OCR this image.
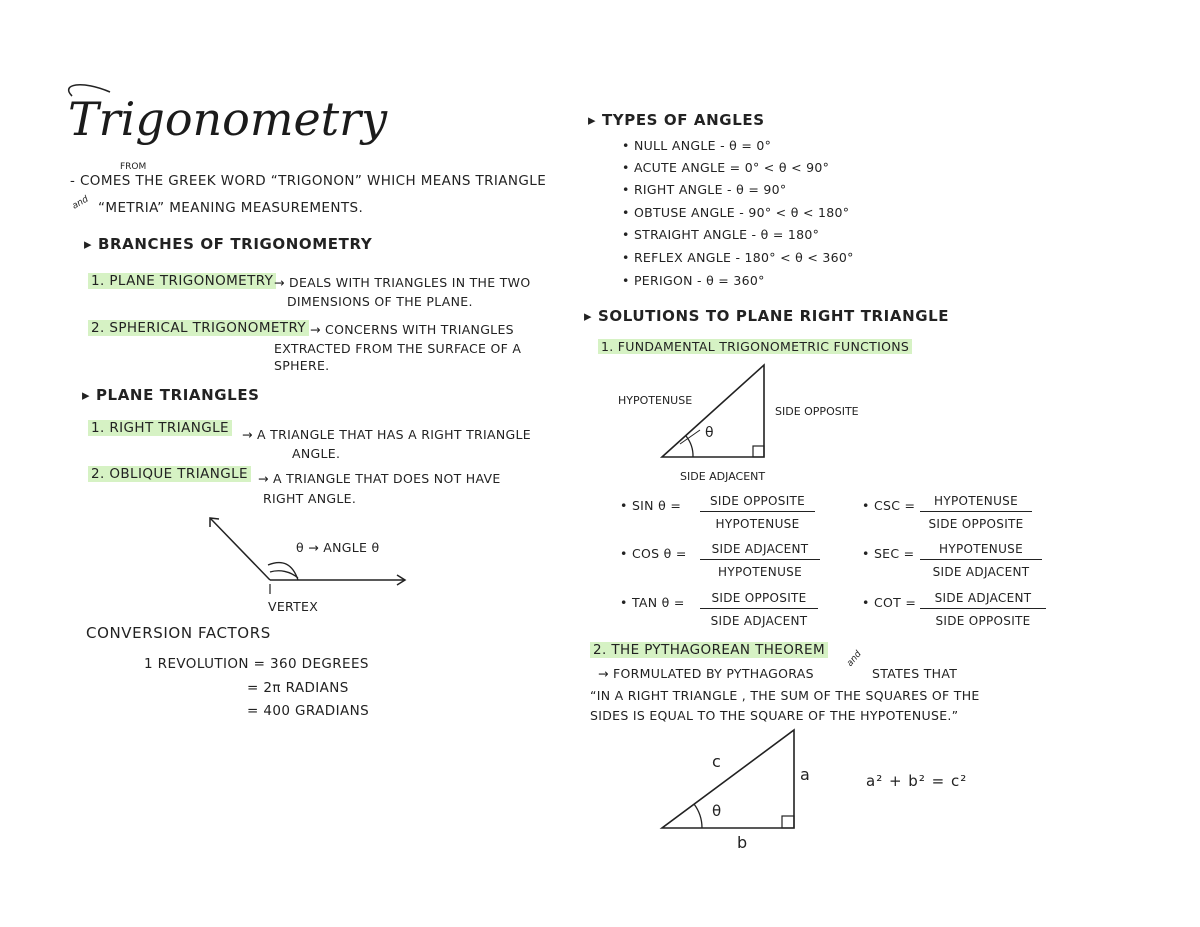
Trigonometry
FROM
- COMES THE GREEK WORD “TRIGONON” WHICH MEANS TRIANGLE
and “METRIA” MEANING MEASUREMENTS.
▸ BRANCHES OF TRIGONOMETRY
1. PLANE TRIGONOMETRY → DEALS WITH TRIANGLES IN THE TWO
DIMENSIONS OF THE PLANE.
2. SPHERICAL TRIGONOMETRY → CONCERNS WITH TRIANGLES
EXTRACTED FROM THE SURFACE OF A
SPHERE.
▸ PLANE TRIANGLES
1. RIGHT TRIANGLE → A TRIANGLE THAT HAS A RIGHT TRIANGLE
ANGLE.
2. OBLIQUE TRIANGLE → A TRIANGLE THAT DOES NOT HAVE
RIGHT ANGLE.
θ → ANGLE θ
VERTEX
CONVERSION FACTORS
1 REVOLUTION = 360 DEGREES
= 2π RADIANS
= 400 GRADIANS
▸ TYPES OF ANGLES
• NULL ANGLE - θ = 0°
• ACUTE ANGLE = 0° < θ < 90°
• RIGHT ANGLE - θ = 90°
• OBTUSE ANGLE - 90° < θ < 180°
• STRAIGHT ANGLE - θ = 180°
• REFLEX ANGLE - 180° < θ < 360°
• PERIGON - θ = 360°
▸ SOLUTIONS TO PLANE RIGHT TRIANGLE
1. FUNDAMENTAL TRIGONOMETRIC FUNCTIONS
θ
HYPOTENUSE
SIDE OPPOSITE
SIDE ADJACENT
• SIN θ =	SIDE OPPOSITE
HYPOTENUSE
• CSC =	HYPOTENUSE
SIDE OPPOSITE
• COS θ =	SIDE ADJACENT
HYPOTENUSE
• SEC =	HYPOTENUSE
SIDE ADJACENT
• TAN θ =	SIDE OPPOSITE
SIDE ADJACENT
• COT =	SIDE ADJACENT
SIDE OPPOSITE
2. THE PYTHAGOREAN THEOREM
→ FORMULATED BY PYTHAGORAS
and
STATES THAT
“IN A RIGHT TRIANGLE , THE SUM OF THE SQUARES OF THE
SIDES IS EQUAL TO THE SQUARE OF THE HYPOTENUSE.”
c
a
b
θ
a² + b² = c²
